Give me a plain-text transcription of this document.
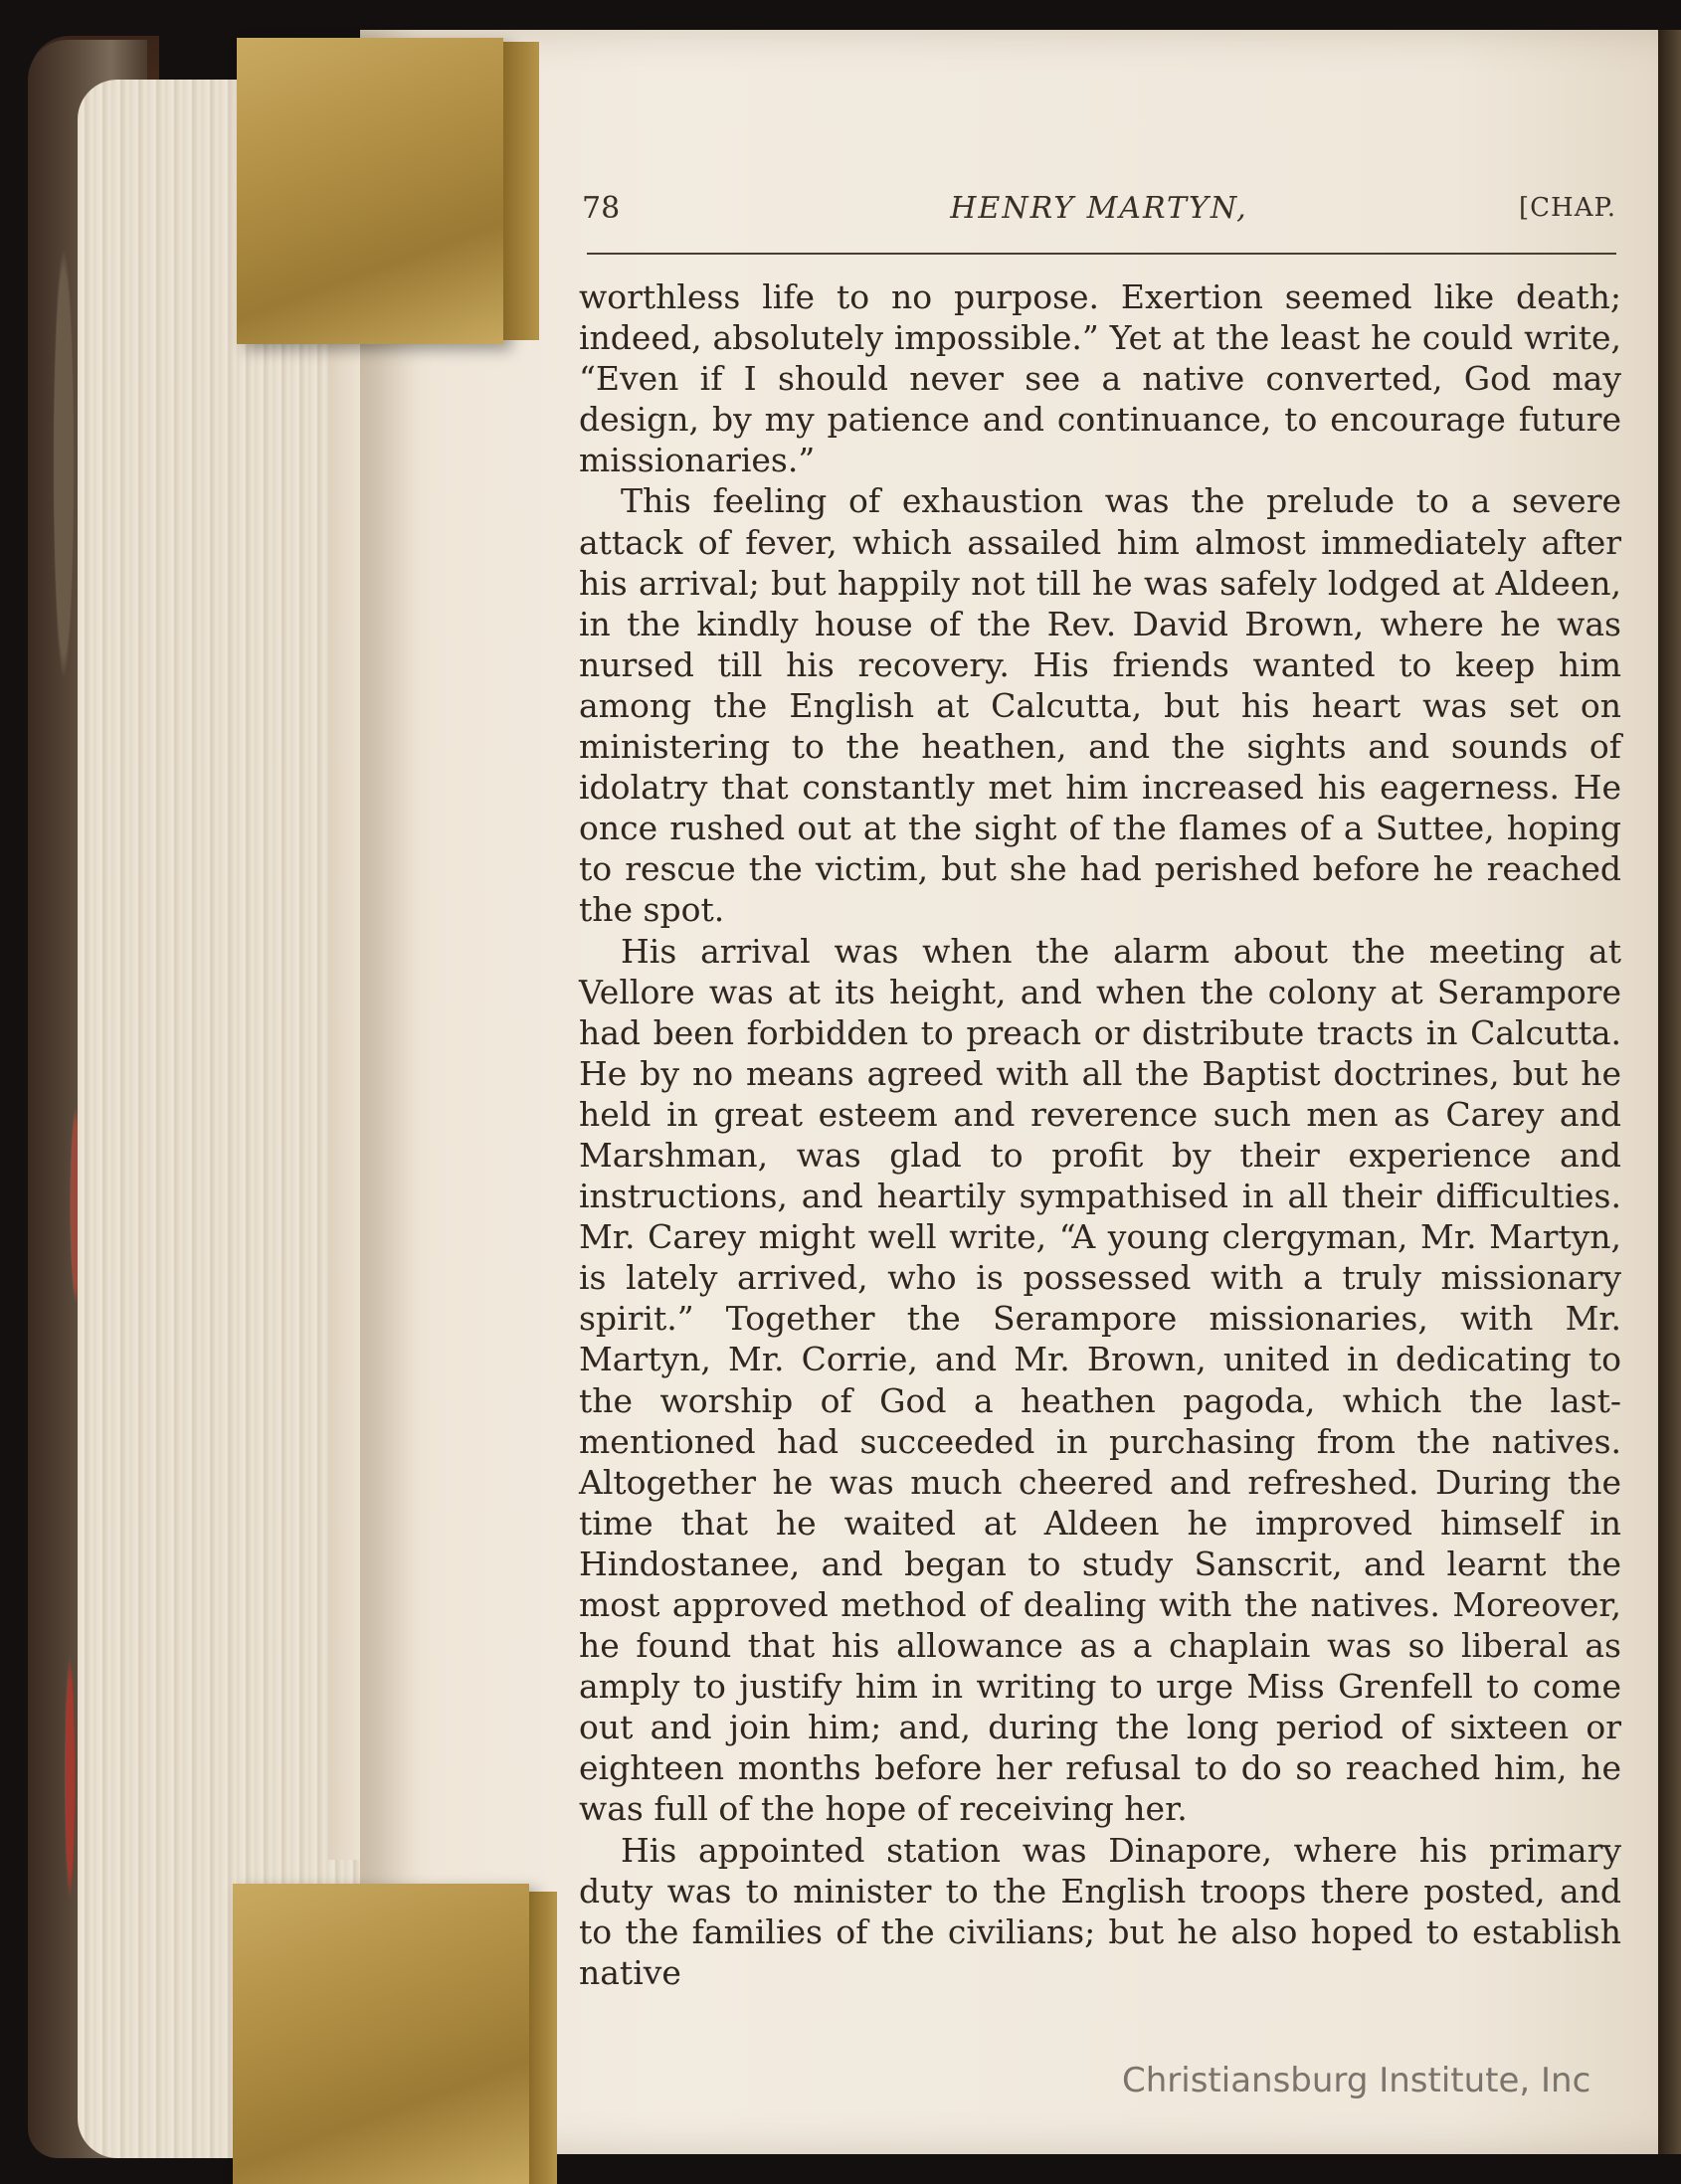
78	HENRY MARTYN,	[CHAP.

worthless life to no purpose. Exertion seemed like death; indeed, absolutely impossible.” Yet at the least he could write, “Even if I should never see a native converted, God may design, by my patience and continuance, to encourage future missionaries.”

This feeling of exhaustion was the prelude to a severe attack of fever, which assailed him almost immediately after his arrival; but happily not till he was safely lodged at Aldeen, in the kindly house of the Rev. David Brown, where he was nursed till his recovery. His friends wanted to keep him among the English at Calcutta, but his heart was set on ministering to the heathen, and the sights and sounds of idolatry that constantly met him increased his eagerness. He once rushed out at the sight of the flames of a Suttee, hoping to rescue the victim, but she had perished before he reached the spot.

His arrival was when the alarm about the meeting at Vellore was at its height, and when the colony at Serampore had been forbidden to preach or distribute tracts in Calcutta. He by no means agreed with all the Baptist doctrines, but he held in great esteem and reverence such men as Carey and Marshman, was glad to profit by their experience and instructions, and heartily sympathised in all their difficulties. Mr. Carey might well write, “A young clergyman, Mr. Martyn, is lately arrived, who is possessed with a truly missionary spirit.” Together the Serampore missionaries, with Mr. Martyn, Mr. Corrie, and Mr. Brown, united in dedicating to the worship of God a heathen pagoda, which the last-mentioned had succeeded in purchasing from the natives. Altogether he was much cheered and refreshed. During the time that he waited at Aldeen he improved himself in Hindostanee, and began to study Sanscrit, and learnt the most approved method of dealing with the natives. Moreover, he found that his allowance as a chaplain was so liberal as amply to justify him in writing to urge Miss Grenfell to come out and join him; and, during the long period of sixteen or eighteen months before her refusal to do so reached him, he was full of the hope of receiving her.

His appointed station was Dinapore, where his primary duty was to minister to the English troops there posted, and to the families of the civilians; but he also hoped to establish native

Christiansburg Institute, Inc
